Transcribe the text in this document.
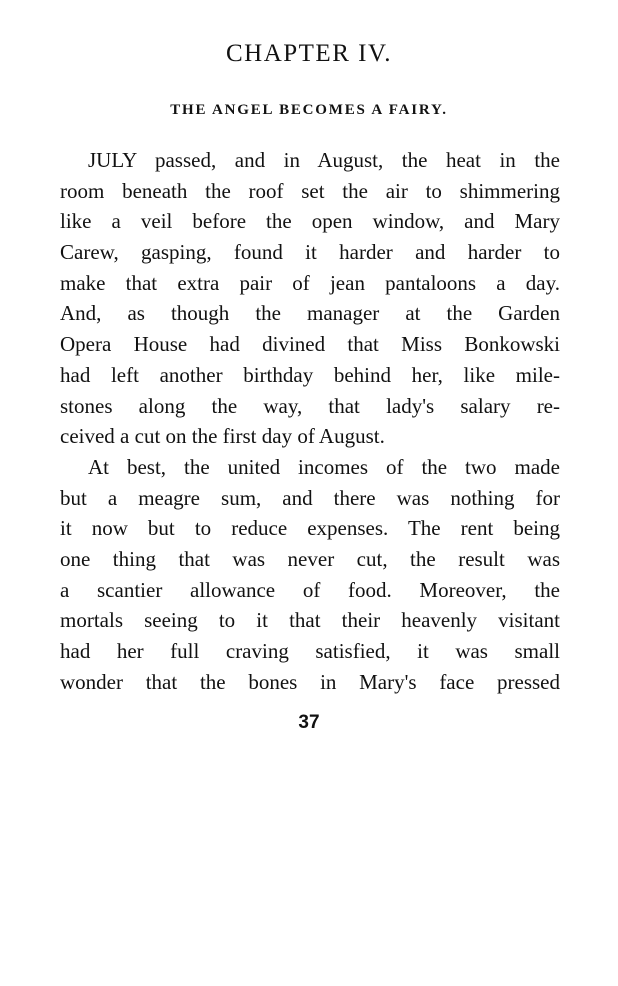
CHAPTER IV.
THE ANGEL BECOMES A FAIRY.
JULY passed, and in August, the heat in the
room beneath the roof set the air to shimmering
like a veil before the open window, and Mary
Carew, gasping, found it harder and harder to
make that extra pair of jean pantaloons a day.
And, as though the manager at the Garden
Opera House had divined that Miss Bonkowski
had left another birthday behind her, like mile-
stones along the way, that lady's salary re-
ceived a cut on the first day of August.
At best, the united incomes of the two made
but a meagre sum, and there was nothing for
it now but to reduce expenses. The rent being
one thing that was never cut, the result was
a scantier allowance of food. Moreover, the
mortals seeing to it that their heavenly visitant
had her full craving satisfied, it was small
wonder that the bones in Mary's face pressed
37
